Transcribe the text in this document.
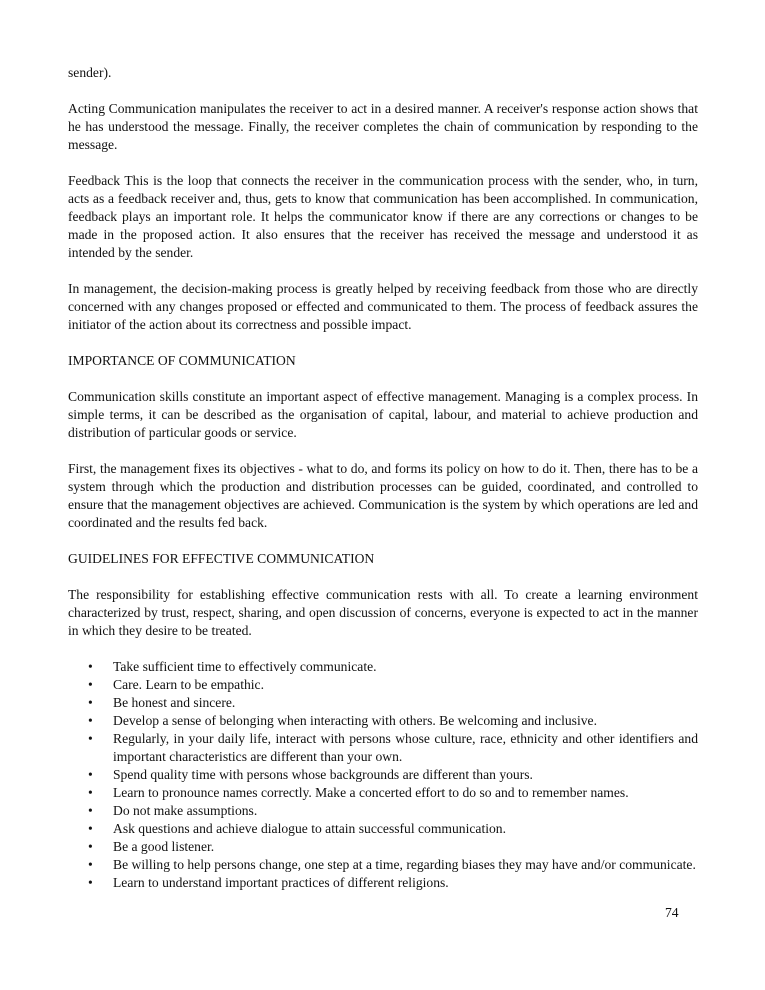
sender).

Acting Communication manipulates the receiver to act in a desired manner. A receiver's response action shows that he has understood the message. Finally, the receiver completes the chain of communication by responding to the message.

Feedback This is the loop that connects the receiver in the communication process with the sender, who, in turn, acts as a feedback receiver and, thus, gets to know that communication has been accomplished. In communication, feedback plays an important role. It helps the communicator know if there are any corrections or changes to be made in the proposed action. It also ensures that the receiver has received the message and understood it as intended by the sender.

In management, the decision-making process is greatly helped by receiving feedback from those who are directly concerned with any changes proposed or effected and communicated to them. The process of feedback assures the initiator of the action about its correctness and possible impact.

IMPORTANCE OF COMMUNICATION

Communication skills constitute an important aspect of effective management. Managing is a complex process. In simple terms, it can be described as the organisation of capital, labour, and material to achieve production and distribution of particular goods or service.

First, the management fixes its objectives - what to do, and forms its policy on how to do it. Then, there has to be a system through which the production and distribution processes can be guided, coordinated, and controlled to ensure that the management objectives are achieved. Communication is the system by which operations are led and coordinated and the results fed back.

GUIDELINES FOR EFFECTIVE COMMUNICATION

The responsibility for establishing effective communication rests with all. To create a learning environment characterized by trust, respect, sharing, and open discussion of concerns, everyone is expected to act in the manner in which they desire to be treated.

• Take sufficient time to effectively communicate.
• Care. Learn to be empathic.
• Be honest and sincere.
• Develop a sense of belonging when interacting with others. Be welcoming and inclusive.
• Regularly, in your daily life, interact with persons whose culture, race, ethnicity and other identifiers and important characteristics are different than your own.
• Spend quality time with persons whose backgrounds are different than yours.
• Learn to pronounce names correctly. Make a concerted effort to do so and to remember names.
• Do not make assumptions.
• Ask questions and achieve dialogue to attain successful communication.
• Be a good listener.
• Be willing to help persons change, one step at a time, regarding biases they may have and/or communicate.
• Learn to understand important practices of different religions.
74
